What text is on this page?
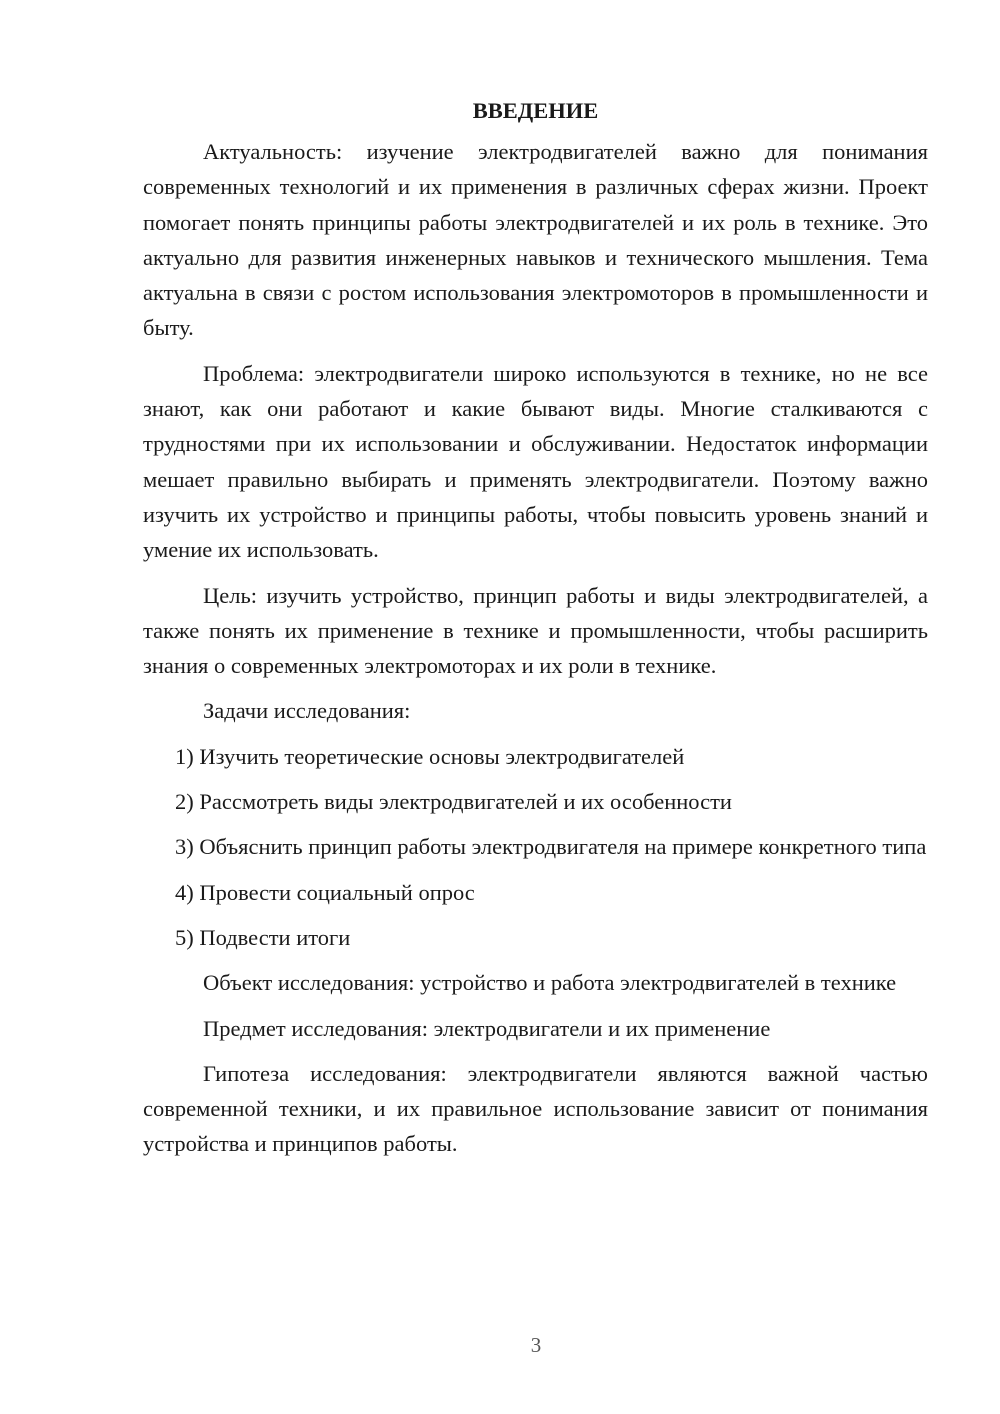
ВВЕДЕНИЕ

Актуальность: изучение электродвигателей важно для понимания современных технологий и их применения в различных сферах жизни. Проект помогает понять принципы работы электродвигателей и их роль в технике. Это актуально для развития инженерных навыков и технического мышления. Тема актуальна в связи с ростом использования электромоторов в промышленности и быту.

Проблема: электродвигатели широко используются в технике, но не все знают, как они работают и какие бывают виды. Многие сталкиваются с трудностями при их использовании и обслуживании. Недостаток информации мешает правильно выбирать и применять электродвигатели. Поэтому важно изучить их устройство и принципы работы, чтобы повысить уровень знаний и умение их использовать.

Цель: изучить устройство, принцип работы и виды электродвигателей, а также понять их применение в технике и промышленности, чтобы расширить знания о современных электромоторах и их роли в технике.

Задачи исследования:

1) Изучить теоретические основы электродвигателей

2) Рассмотреть виды электродвигателей и их особенности

3) Объяснить принцип работы электродвигателя на примере конкретного типа

4) Провести социальный опрос

5) Подвести итоги

Объект исследования: устройство и работа электродвигателей в технике

Предмет исследования: электродвигатели и их применение

Гипотеза исследования: электродвигатели являются важной частью современной техники, и их правильное использование зависит от понимания устройства и принципов работы.

3
